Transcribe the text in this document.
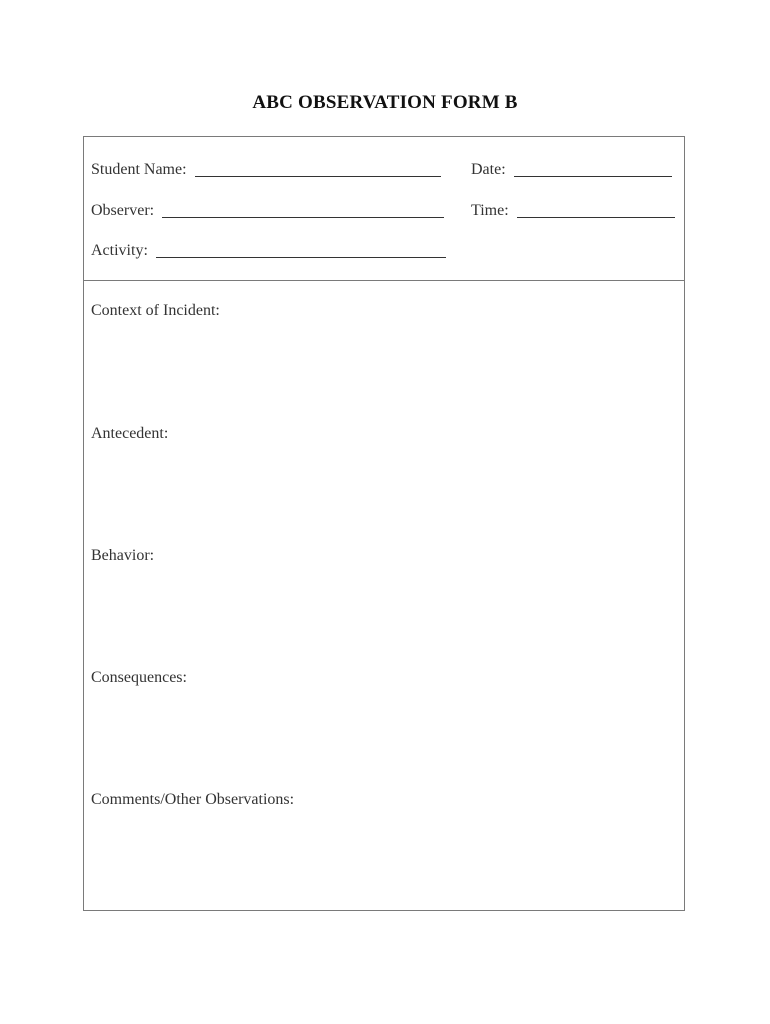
ABC OBSERVATION FORM B
Student Name:	Date:
Observer:	Time:
Activity:
Context of Incident:
Antecedent:
Behavior:
Consequences:
Comments/Other Observations:
